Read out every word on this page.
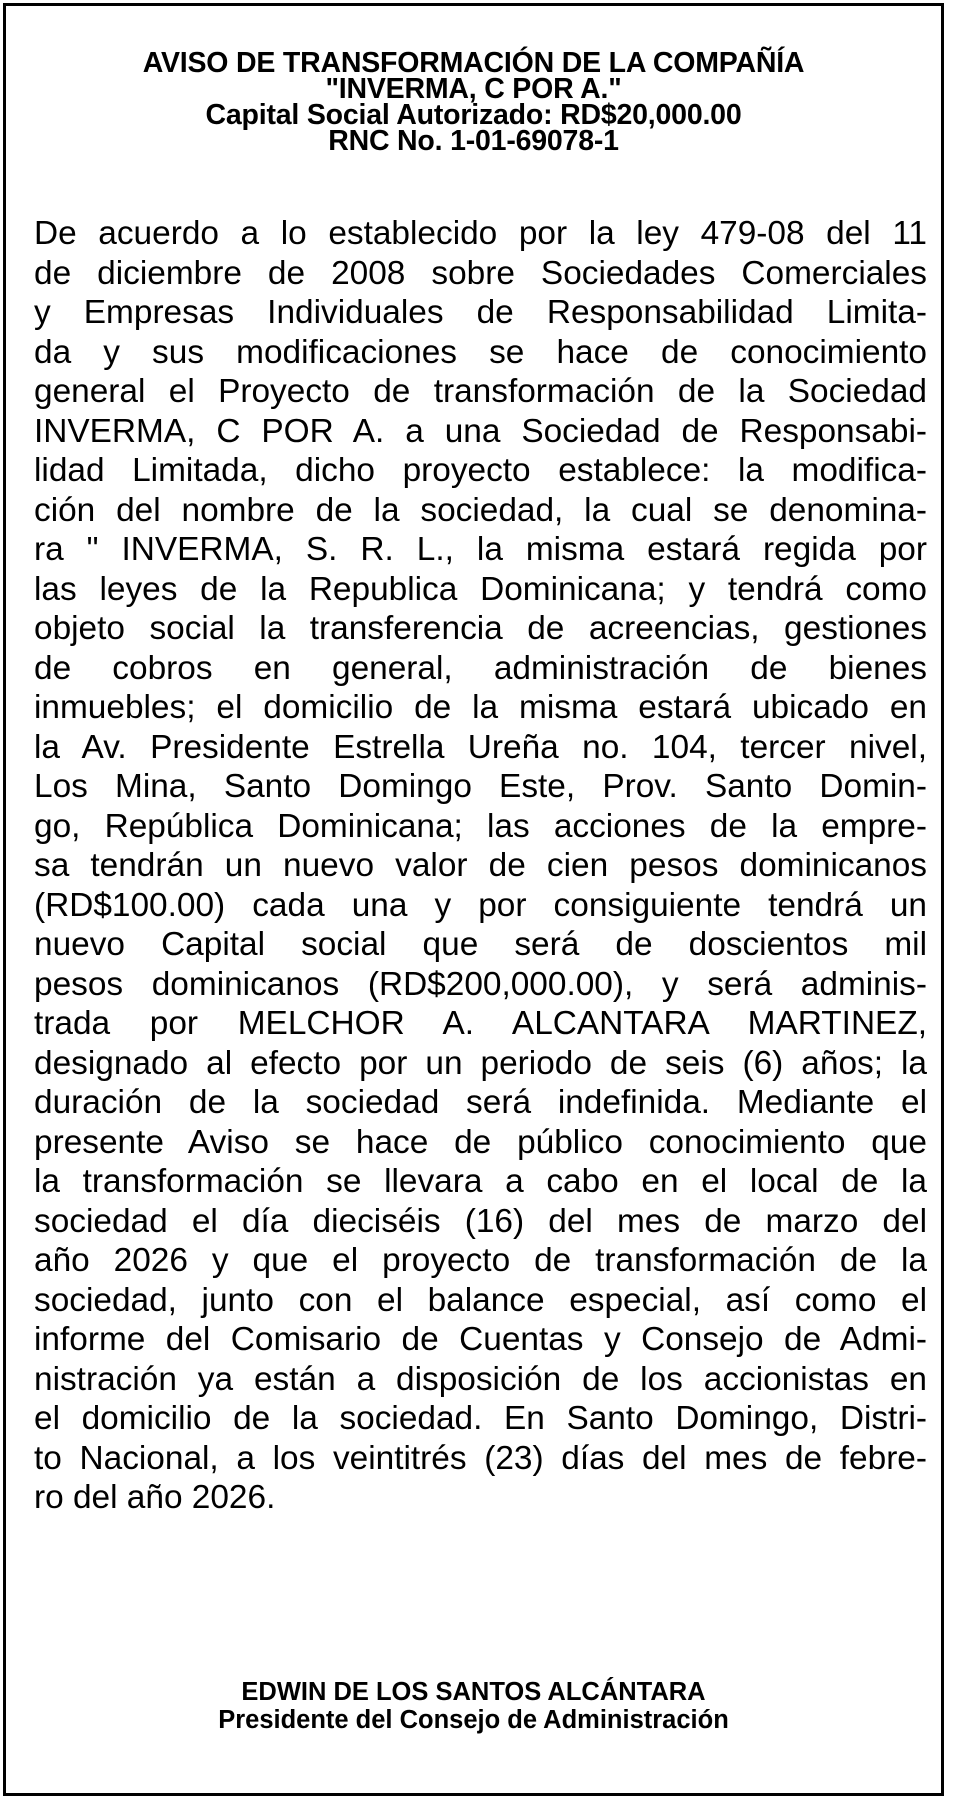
AVISO DE TRANSFORMACIÓN DE LA COMPAÑÍA
"INVERMA, C POR A."
Capital Social Autorizado: RD$20,000.00
RNC No. 1-01-69078-1
De acuerdo a lo establecido por la ley 479-08 del 11
de diciembre de 2008 sobre Sociedades Comerciales
y Empresas Individuales de Responsabilidad Limita-
da y sus modificaciones se hace de conocimiento
general el Proyecto de transformación de la Sociedad
INVERMA, C POR A. a una Sociedad de Responsabi-
lidad Limitada, dicho proyecto establece: la modifica-
ción del nombre de la sociedad, la cual se denomina-
ra " INVERMA, S. R. L., la misma estará regida por
las leyes de la Republica Dominicana; y tendrá como
objeto social la transferencia de acreencias, gestiones
de cobros en general, administración de bienes
inmuebles; el domicilio de la misma estará ubicado en
la Av. Presidente Estrella Ureña no. 104, tercer nivel,
Los Mina, Santo Domingo Este, Prov. Santo Domin-
go, República Dominicana; las acciones de la empre-
sa tendrán un nuevo valor de cien pesos dominicanos
(RD$100.00) cada una y por consiguiente tendrá un
nuevo Capital social que será de doscientos mil
pesos dominicanos (RD$200,000.00), y será adminis-
trada por MELCHOR A. ALCANTARA MARTINEZ,
designado al efecto por un periodo de seis (6) años; la
duración de la sociedad será indefinida. Mediante el
presente Aviso se hace de público conocimiento que
la transformación se llevara a cabo en el local de la
sociedad el día dieciséis (16) del mes de marzo del
año 2026 y que el proyecto de transformación de la
sociedad, junto con el balance especial, así como el
informe del Comisario de Cuentas y Consejo de Admi-
nistración ya están a disposición de los accionistas en
el domicilio de la sociedad. En Santo Domingo, Distri-
to Nacional, a los veintitrés (23) días del mes de febre-
ro del año 2026.
EDWIN DE LOS SANTOS ALCÁNTARA
Presidente del Consejo de Administración
